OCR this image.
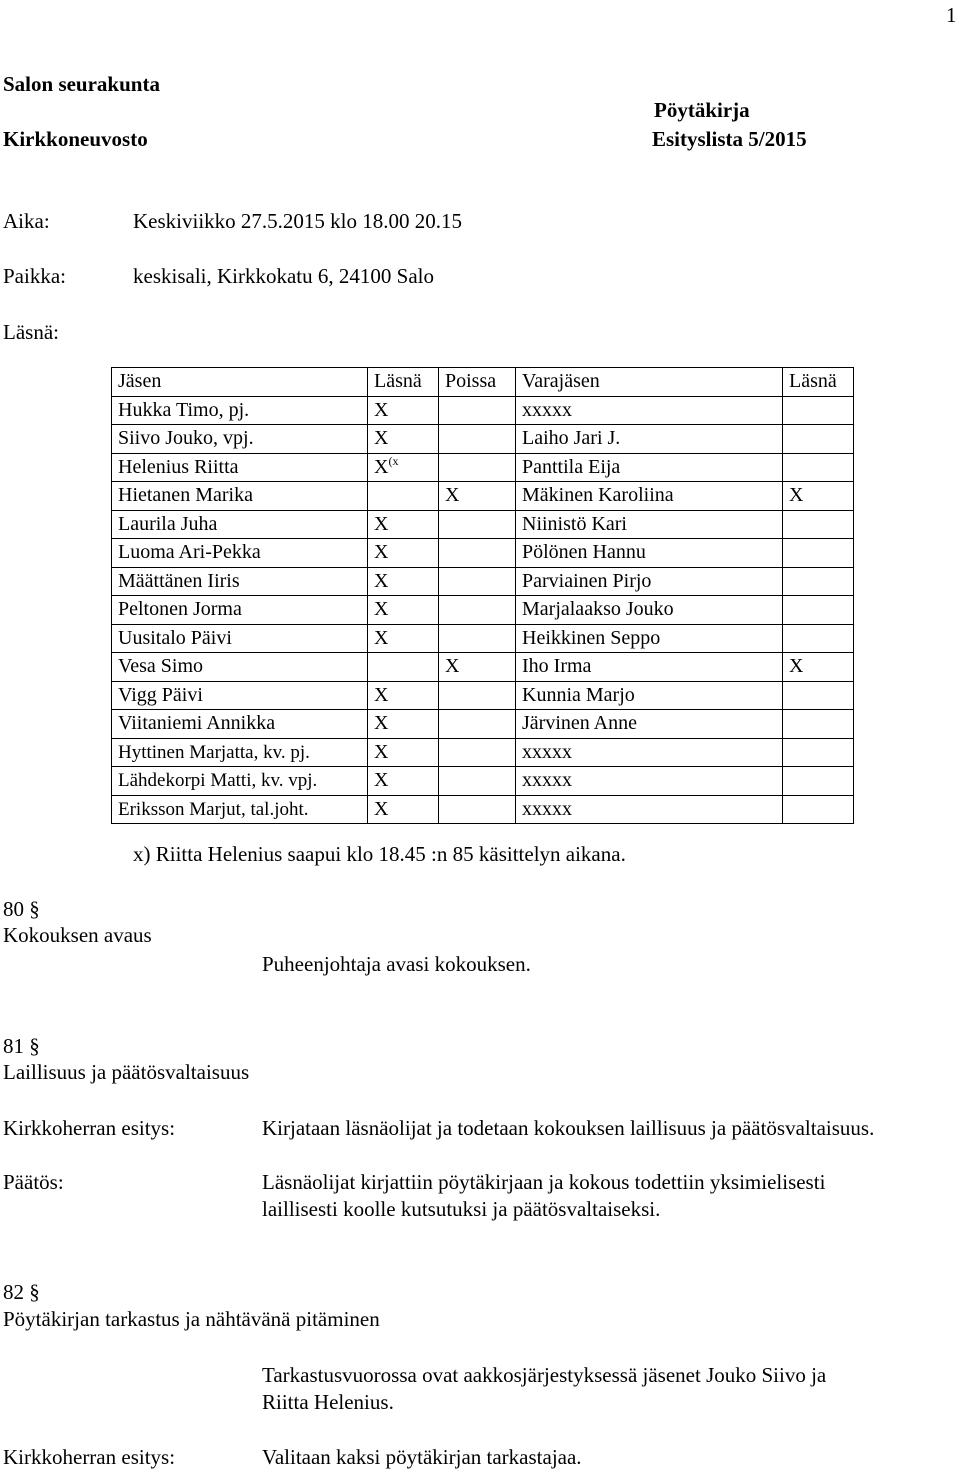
1
Salon seurakunta
Pöytäkirja
Kirkkoneuvosto	Esityslista 5/2015
Aika:	Keskiviikko 27.5.2015 klo 18.00 20.15
Paikka:	keskisali, Kirkkokatu 6, 24100 Salo
Läsnä:
Jäsen	Läsnä	Poissa	Varajäsen	Läsnä
Hukka Timo, pj.	X		xxxxx	
Siivo Jouko, vpj.	X		Laiho Jari J.	
Helenius Riitta	X$^{(x}$		Panttila Eija	
Hietanen Marika		X	Mäkinen Karoliina	X
Laurila Juha	X		Niinistö Kari	
Luoma Ari-Pekka	X		Pölönen Hannu	
Määttänen Iiris	X		Parviainen Pirjo	
Peltonen Jorma	X		Marjalaakso Jouko	
Uusitalo Päivi	X		Heikkinen Seppo	
Vesa Simo		X	Iho Irma	X
Vigg Päivi	X		Kunnia Marjo	
Viitaniemi Annikka	X		Järvinen Anne	
Hyttinen Marjatta, kv. pj.	X		xxxxx	
Lähdekorpi Matti, kv. vpj.	X		xxxxx	
Eriksson Marjut, tal.joht.	X		xxxxx	
x) Riitta Helenius saapui klo 18.45 :n 85 käsittelyn aikana.
80 §
Kokouksen avaus
Puheenjohtaja avasi kokouksen.
81 §
Laillisuus ja päätösvaltaisuus
Kirkkoherran esitys:	Kirjataan läsnäolijat ja todetaan kokouksen laillisuus ja päätösvaltaisuus.
Päätös:	Läsnäolijat kirjattiin pöytäkirjaan ja kokous todettiin yksimielisesti
laillisesti koolle kutsutuksi ja päätösvaltaiseksi.
82 §
Pöytäkirjan tarkastus ja nähtävänä pitäminen
Tarkastusvuorossa ovat aakkosjärjestyksessä jäsenet Jouko Siivo ja
Riitta Helenius.
Kirkkoherran esitys:	Valitaan kaksi pöytäkirjan tarkastajaa.
